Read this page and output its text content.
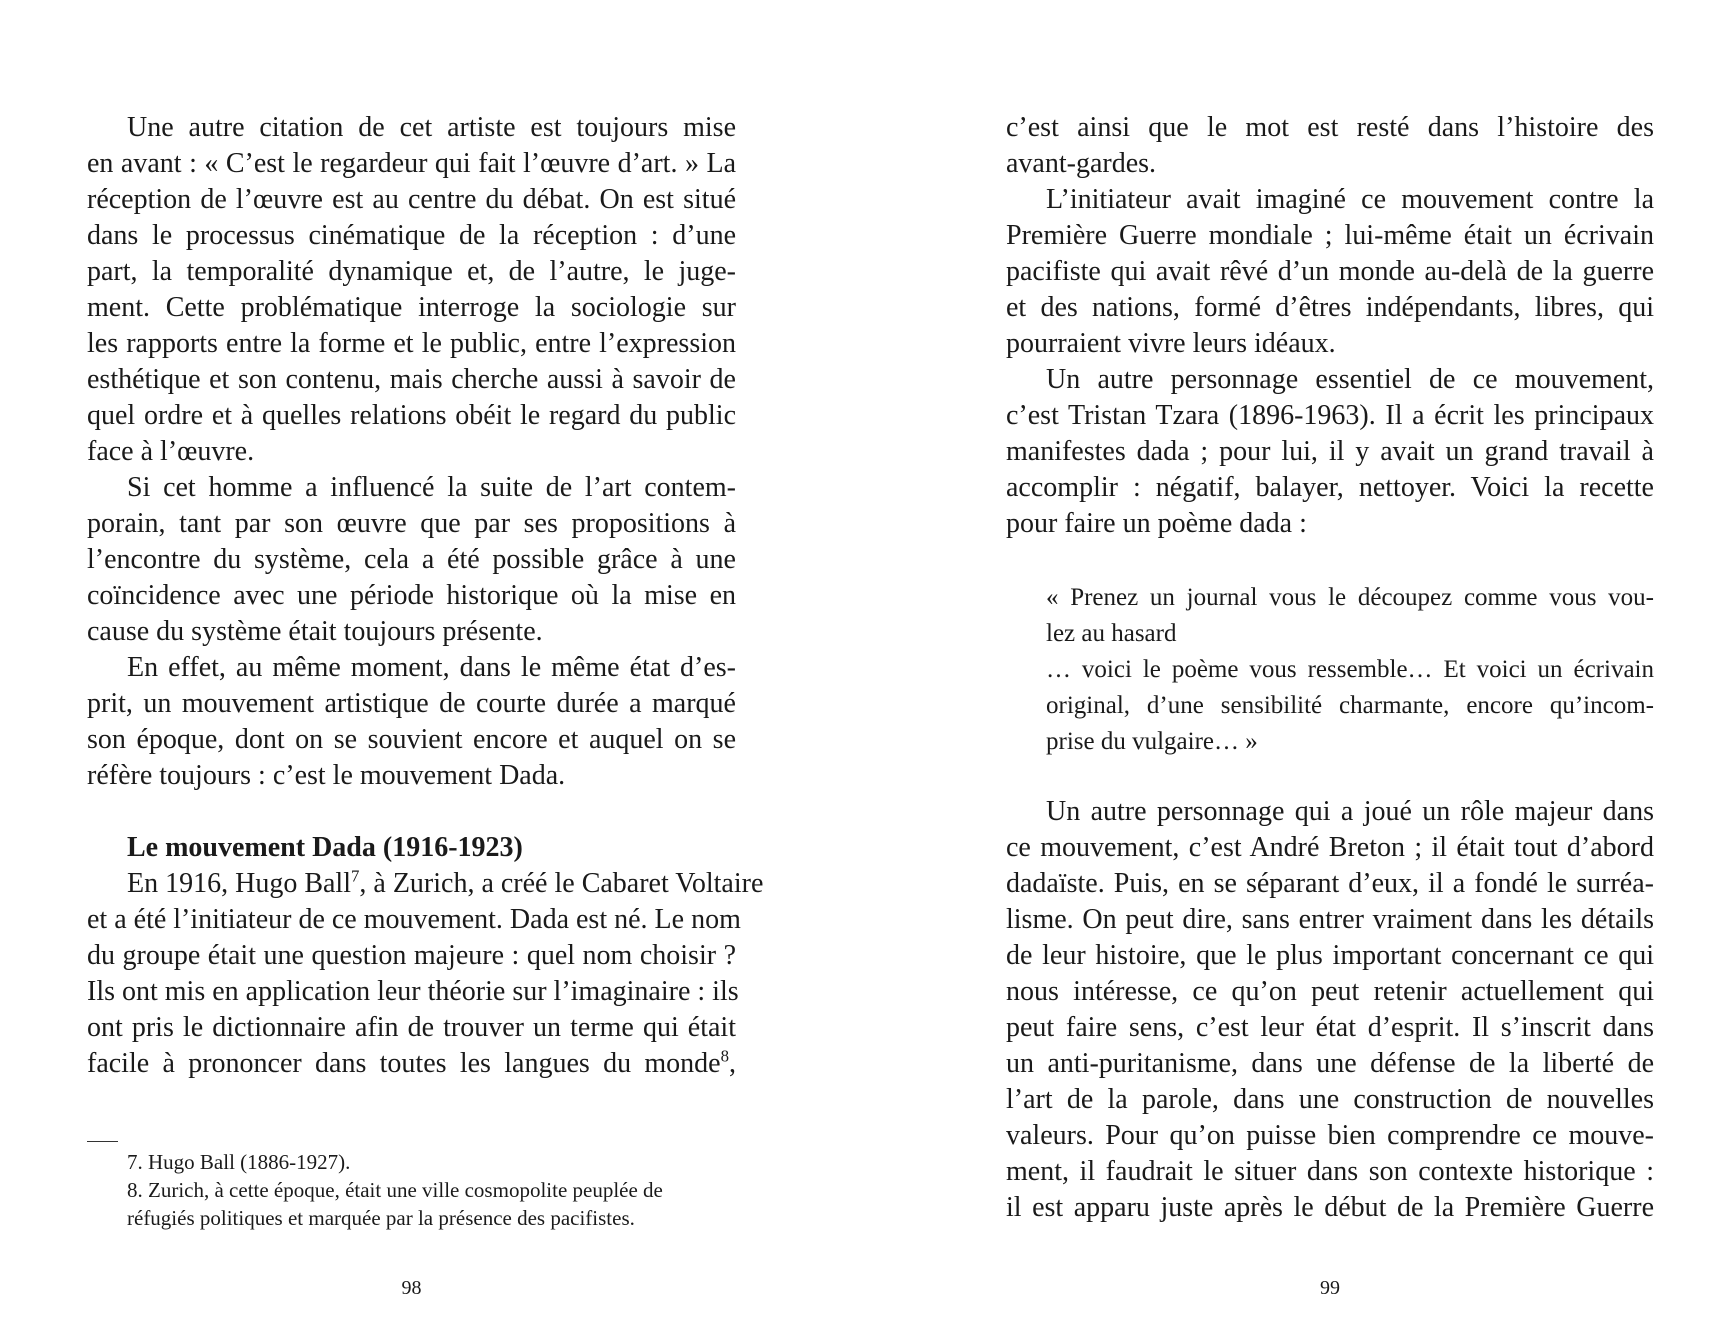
Une autre citation de cet artiste est toujours mise
en avant : « C’est le regardeur qui fait l’œuvre d’art. » La
réception de l’œuvre est au centre du débat. On est situé
dans le processus cinématique de la réception : d’une
part, la temporalité dynamique et, de l’autre, le juge-
ment. Cette problématique interroge la sociologie sur
les rapports entre la forme et le public, entre l’expression
esthétique et son contenu, mais cherche aussi à savoir de
quel ordre et à quelles relations obéit le regard du public
face à l’œuvre.
Si cet homme a influencé la suite de l’art contem-
porain, tant par son œuvre que par ses propositions à
l’encontre du système, cela a été possible grâce à une
coïncidence avec une période historique où la mise en
cause du système était toujours présente.
En effet, au même moment, dans le même état d’es-
prit, un mouvement artistique de courte durée a marqué
son époque, dont on se souvient encore et auquel on se
réfère toujours : c’est le mouvement Dada.
Le mouvement Dada (1916-1923)
En 1916, Hugo Ball$^7$, à Zurich, a créé le Cabaret Voltaire
et a été l’initiateur de ce mouvement. Dada est né. Le nom
du groupe était une question majeure : quel nom choisir ?
Ils ont mis en application leur théorie sur l’imaginaire : ils
ont pris le dictionnaire afin de trouver un terme qui était
facile à prononcer dans toutes les langues du monde$^8$,
7. Hugo Ball (1886-1927).
8. Zurich, à cette époque, était une ville cosmopolite peuplée de
réfugiés politiques et marquée par la présence des pacifistes.
98
c’est ainsi que le mot est resté dans l’histoire des
avant-gardes.
L’initiateur avait imaginé ce mouvement contre la
Première Guerre mondiale ; lui-même était un écrivain
pacifiste qui avait rêvé d’un monde au-delà de la guerre
et des nations, formé d’êtres indépendants, libres, qui
pourraient vivre leurs idéaux.
Un autre personnage essentiel de ce mouvement,
c’est Tristan Tzara (1896-1963). Il a écrit les principaux
manifestes dada ; pour lui, il y avait un grand travail à
accomplir : négatif, balayer, nettoyer. Voici la recette
pour faire un poème dada :
« Prenez un journal vous le découpez comme vous vou-
lez au hasard
… voici le poème vous ressemble… Et voici un écrivain
original, d’une sensibilité charmante, encore qu’incom-
prise du vulgaire… »
Un autre personnage qui a joué un rôle majeur dans
ce mouvement, c’est André Breton ; il était tout d’abord
dadaïste. Puis, en se séparant d’eux, il a fondé le surréa-
lisme. On peut dire, sans entrer vraiment dans les détails
de leur histoire, que le plus important concernant ce qui
nous intéresse, ce qu’on peut retenir actuellement qui
peut faire sens, c’est leur état d’esprit. Il s’inscrit dans
un anti-puritanisme, dans une défense de la liberté de
l’art de la parole, dans une construction de nouvelles
valeurs. Pour qu’on puisse bien comprendre ce mouve-
ment, il faudrait le situer dans son contexte historique :
il est apparu juste après le début de la Première Guerre
99
